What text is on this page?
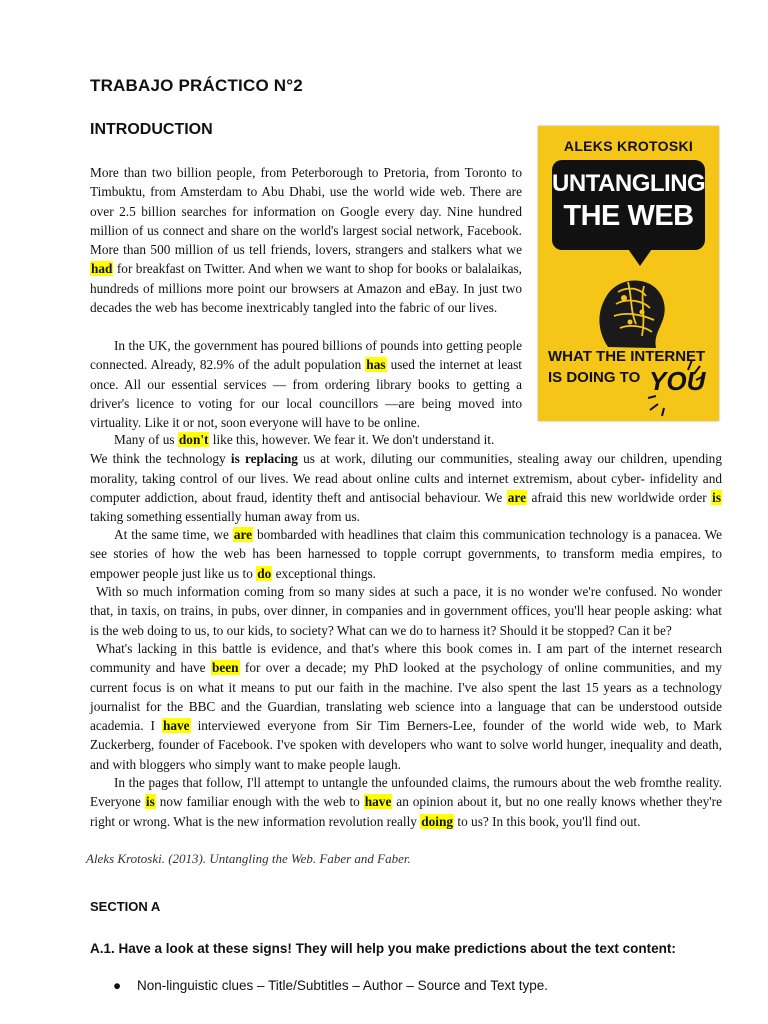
TRABAJO PRÁCTICO N°2
INTRODUCTION
ALEKS KROTOSKI
UNTANGLING
THE WEB
WHAT THE INTERNET
IS DOING TO YOU
More than two billion people, from Peterborough to Pretoria, from Toronto to Timbuktu, from Amsterdam to Abu Dhabi, use the world wide web. There are over 2.5 billion searches for information on Google every day. Nine hundred million of us connect and share on the world's largest social network, Facebook. More than 500 million of us tell friends, lovers, strangers and stalkers what we had for breakfast on Twitter. And when we want to shop for books or balalaikas, hundreds of millions more point our browsers at Amazon and eBay. In just two decades the web has become inextricably tangled into the fabric of our lives.
In the UK, the government has poured billions of pounds into getting people connected. Already, 82.9% of the adult population has used the internet at least once. All our essential services — from ordering library books to getting a driver's licence to voting for our local councillors —are being moved into virtuality. Like it or not, soon everyone will have to be online.
Many of us don't like this, however. We fear it. We don't understand it.
We think the technology is replacing us at work, diluting our communities, stealing away our children, upending morality, taking control of our lives. We read about online cults and internet extremism, about cyber- infidelity and computer addiction, about fraud, identity theft and antisocial behaviour. We are afraid this new worldwide order is taking something essentially human away from us.
At the same time, we are bombarded with headlines that claim this communication technology is a panacea. We see stories of how the web has been harnessed to topple corrupt governments, to transform media empires, to empower people just like us to do exceptional things.
With so much information coming from so many sides at such a pace, it is no wonder we're confused. No wonder that, in taxis, on trains, in pubs, over dinner, in companies and in government offices, you'll hear people asking: what is the web doing to us, to our kids, to society? What can we do to harness it? Should it be stopped? Can it be?
What's lacking in this battle is evidence, and that's where this book comes in. I am part of the internet research community and have been for over a decade; my PhD looked at the psychology of online communities, and my current focus is on what it means to put our faith in the machine. I've also spent the last 15 years as a technology journalist for the BBC and the Guardian, translating web science into a language that can be understood outside academia. I have interviewed everyone from Sir Tim Berners-Lee, founder of the world wide web, to Mark Zuckerberg, founder of Facebook. I've spoken with developers who want to solve world hunger, inequality and death, and with bloggers who simply want to make people laugh.
In the pages that follow, I'll attempt to untangle the unfounded claims, the rumours about the web fromthe reality. Everyone is now familiar enough with the web to have an opinion about it, but no one really knows whether they're right or wrong. What is the new information revolution really doing to us? In this book, you'll find out.
Aleks Krotoski. (2013). Untangling the Web. Faber and Faber.
SECTION A
A.1. Have a look at these signs! They will help you make predictions about the text content:
● Non-linguistic clues – Title/Subtitles – Author – Source and Text type.
